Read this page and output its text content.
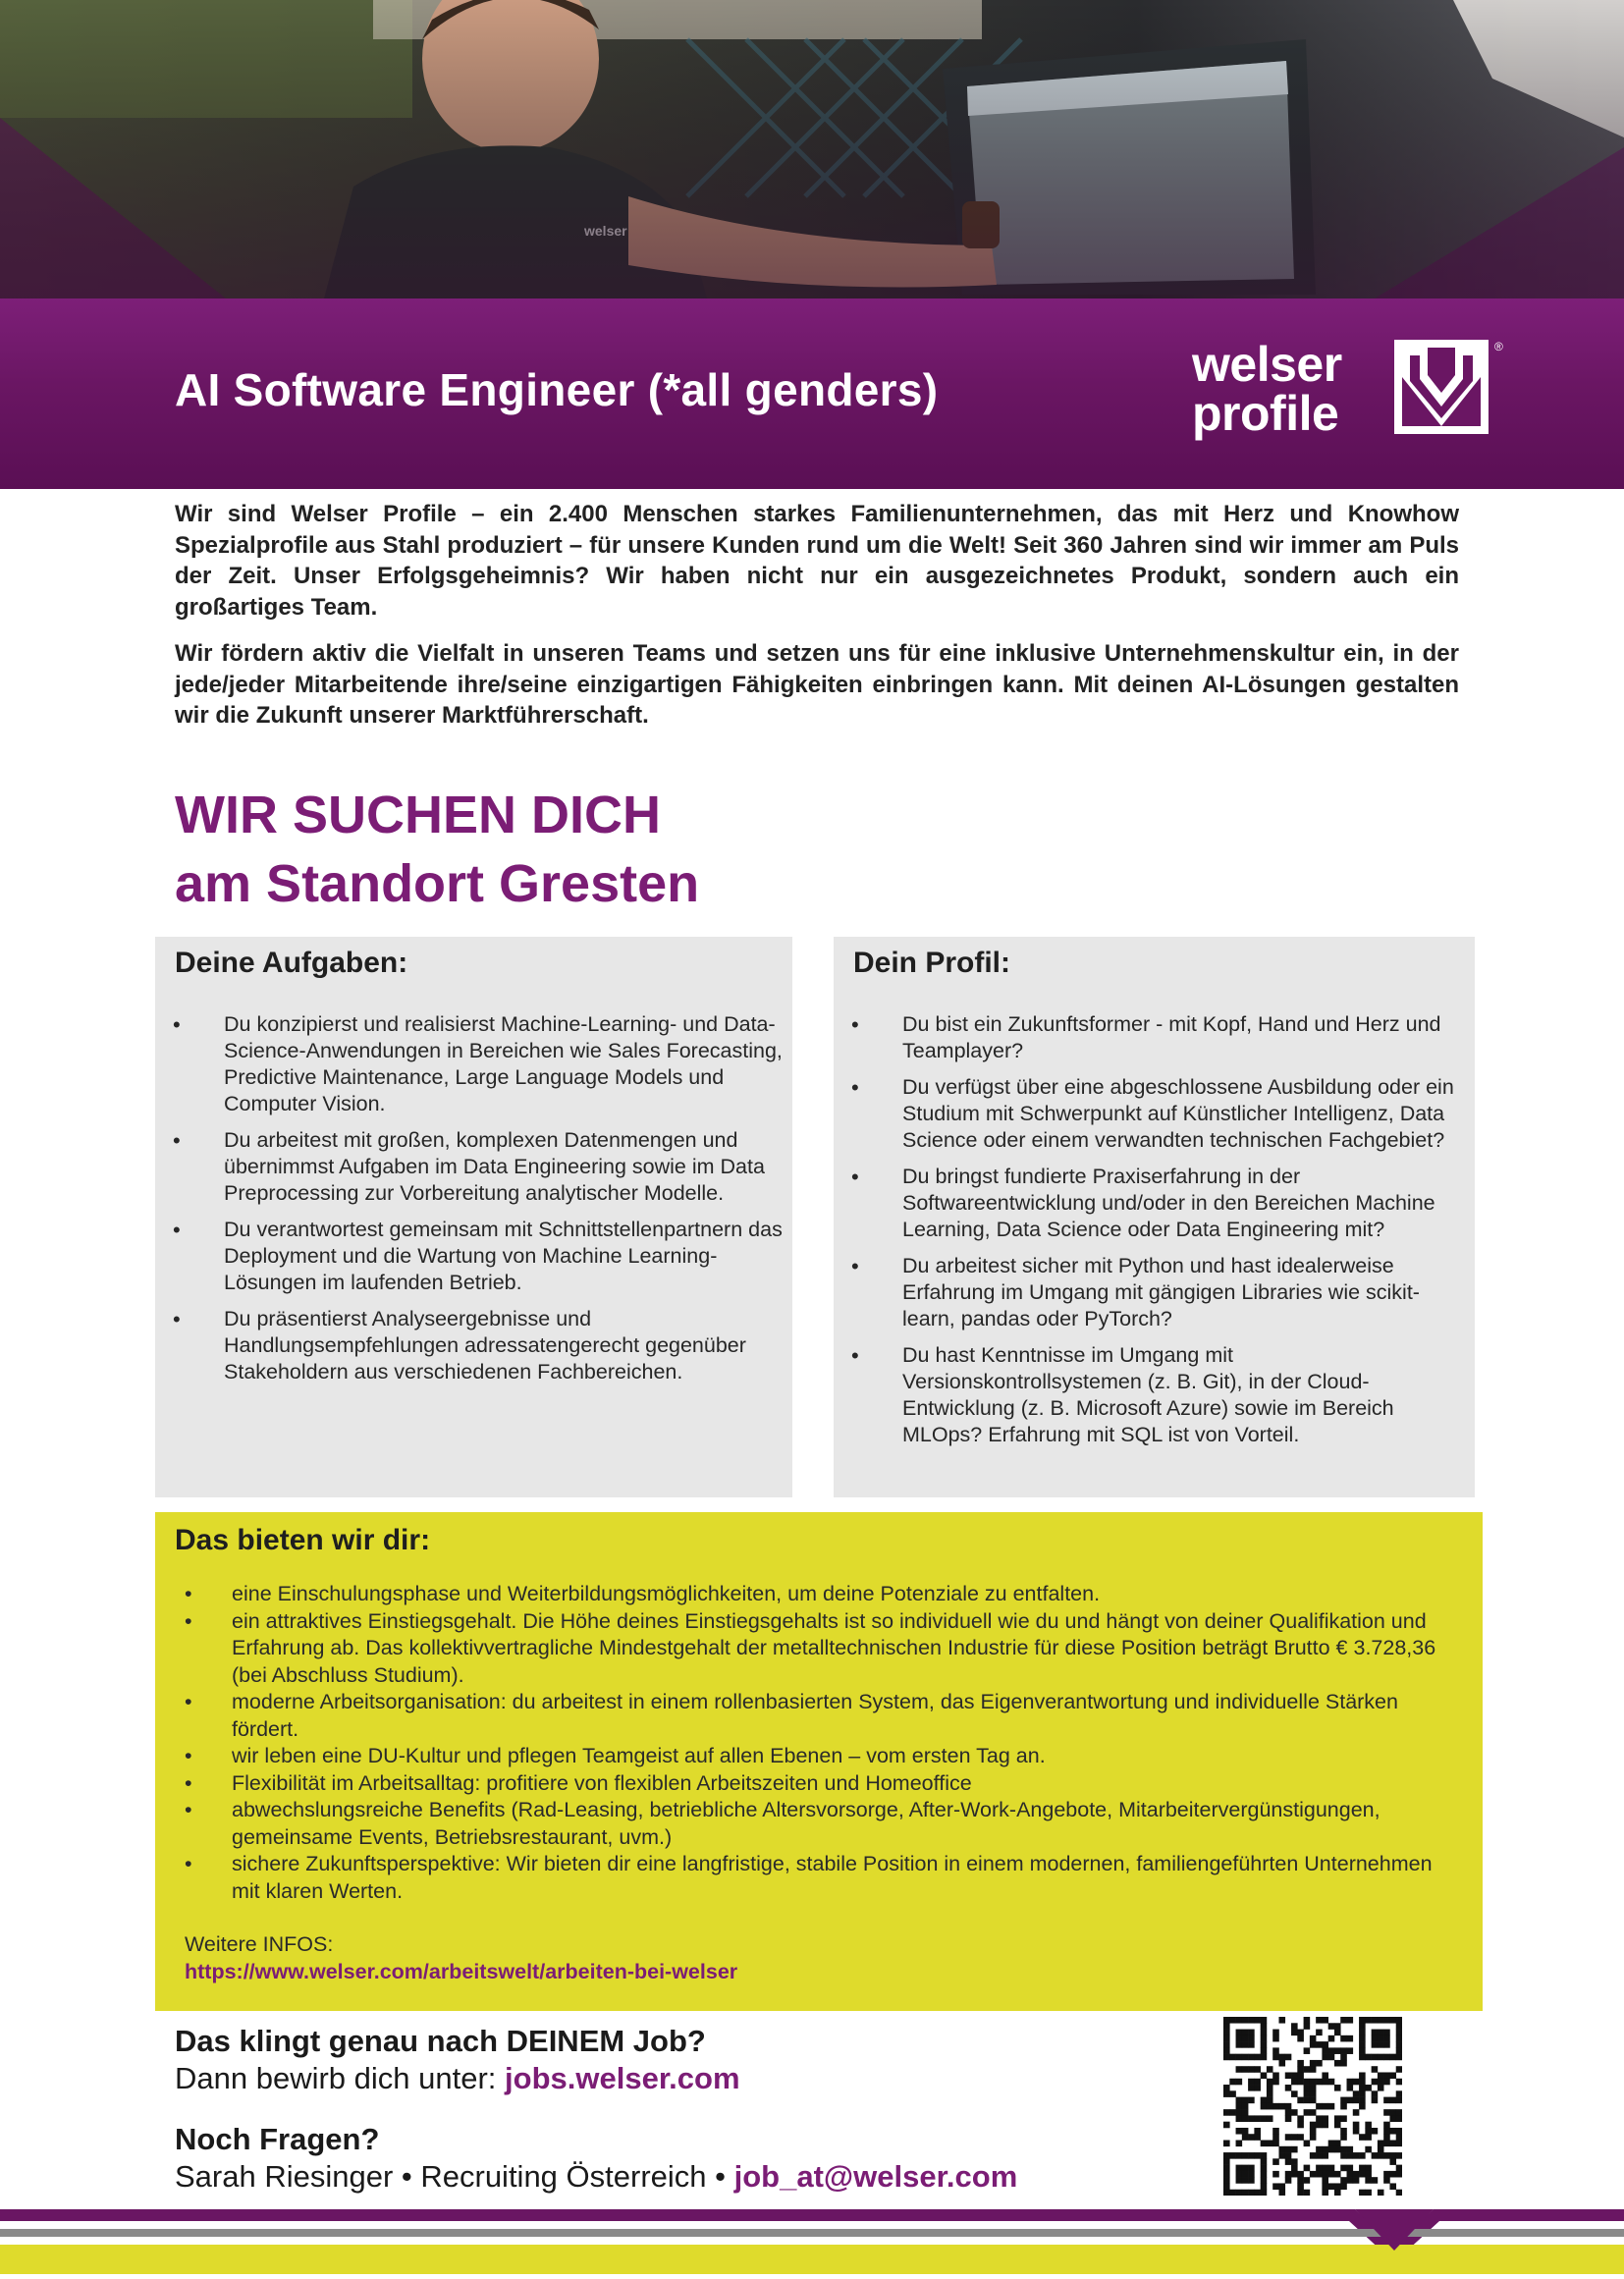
AI Software Engineer (*all genders)	welser
profile
®

Wir sind Welser Profile – ein 2.400 Menschen starkes Familienunternehmen, das mit Herz und Knowhow Spezialprofile aus Stahl produziert – für unsere Kunden rund um die Welt! Seit 360 Jahren sind wir immer am Puls der Zeit. Unser Erfolgsgeheimnis? Wir haben nicht nur ein ausgezeichnetes Produkt, sondern auch ein großartiges Team.

Wir fördern aktiv die Vielfalt in unseren Teams und setzen uns für eine inklusive Unternehmenskultur ein, in der jede/jeder Mitarbeitende ihre/seine einzigartigen Fähigkeiten einbringen kann. Mit deinen AI-Lösungen gestalten wir die Zukunft unserer Marktführerschaft.

WIR SUCHEN DICH
am Standort Gresten
Deine Aufgaben:
• Du konzipierst und realisierst Machine-Learning- und Data-Science-Anwendungen in Bereichen wie Sales Forecasting, Predictive Maintenance, Large Language Models und Computer Vision.
• Du arbeitest mit großen, komplexen Datenmengen und übernimmst Aufgaben im Data Engineering sowie im Data Preprocessing zur Vorbereitung analytischer Modelle.
• Du verantwortest gemeinsam mit Schnittstellenpartnern das Deployment und die Wartung von Machine Learning-Lösungen im laufenden Betrieb.
• Du präsentierst Analyseergebnisse und Handlungsempfehlungen adressatengerecht gegenüber Stakeholdern aus verschiedenen Fachbereichen.
Dein Profil:
• Du bist ein Zukunftsformer - mit Kopf, Hand und Herz und Teamplayer?
• Du verfügst über eine abgeschlossene Ausbildung oder ein Studium mit Schwerpunkt auf Künstlicher Intelligenz, Data Science oder einem verwandten technischen Fachgebiet?
• Du bringst fundierte Praxiserfahrung in der Softwareentwicklung und/oder in den Bereichen Machine Learning, Data Science oder Data Engineering mit?
• Du arbeitest sicher mit Python und hast idealerweise Erfahrung im Umgang mit gängigen Libraries wie scikit-learn, pandas oder PyTorch?
• Du hast Kenntnisse im Umgang mit Versionskontrollsystemen (z. B. Git), in der Cloud-Entwicklung (z. B. Microsoft Azure) sowie im Bereich MLOps? Erfahrung mit SQL ist von Vorteil.
Das bieten wir dir:
• eine Einschulungsphase und Weiterbildungsmöglichkeiten, um deine Potenziale zu entfalten.
• ein attraktives Einstiegsgehalt. Die Höhe deines Einstiegsgehalts ist so individuell wie du und hängt von deiner Qualifikation und Erfahrung ab. Das kollektivvertragliche Mindestgehalt der metalltechnischen Industrie für diese Position beträgt Brutto € 3.728,36 (bei Abschluss Studium).
• moderne Arbeitsorganisation: du arbeitest in einem rollenbasierten System, das Eigenverantwortung und individuelle Stärken fördert.
• wir leben eine DU-Kultur und pflegen Teamgeist auf allen Ebenen – vom ersten Tag an.
• Flexibilität im Arbeitsalltag: profitiere von flexiblen Arbeitszeiten und Homeoffice
• abwechslungsreiche Benefits (Rad-Leasing, betriebliche Altersvorsorge, After-Work-Angebote, Mitarbeitervergünstigungen, gemeinsame Events, Betriebsrestaurant, uvm.)
• sichere Zukunftsperspektive: Wir bieten dir eine langfristige, stabile Position in einem modernen, familiengeführten Unternehmen mit klaren Werten.
Weitere INFOS:
https://www.welser.com/arbeitswelt/arbeiten-bei-welser
Das klingt genau nach DEINEM Job?
Dann bewirb dich unter: jobs.welser.com
Noch Fragen?
Sarah Riesinger • Recruiting Österreich • job_at@welser.com
